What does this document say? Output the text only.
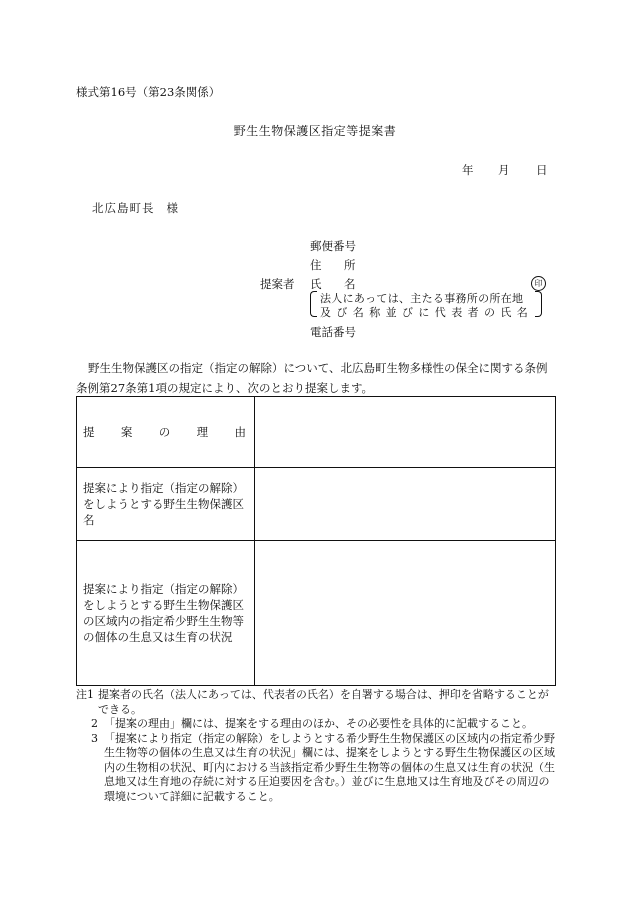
様式第16号（第23条関係）
野生生物保護区指定等提案書
年 月 日
北広島町長 様
郵便番号
住 所
提案者 氏 名	印
法人にあっては、主たる事務所の所在地
及び名称並びに代表者の氏名
電話番号
野生生物保護区の指定（指定の解除）について、北広島町生物多様性の保全に関する条例
条例第27条第1項の規定により、次のとおり提案します。
提 案 の 理 由	

提案により指定（指定の解除）をしようとする野生生物保護区名	
提案により指定（指定の解除）をしようとする野生生物保護区の区域内の指定希少野生生物等の個体の生息又は生育の状況	
注1 提案者の氏名（法人にあっては、代表者の氏名）を自署する場合は、押印を省略することができる。
2 「提案の理由」欄には、提案をする理由のほか、その必要性を具体的に記載すること。
3 「提案により指定（指定の解除）をしようとする希少野生生物保護区の区域内の指定希少野生生物等の個体の生息又は生育の状況」欄には、提案をしようとする野生生物保護区の区域内の生物相の状況、町内における当該指定希少野生生物等の個体の生息又は生育の状況（生息地又は生育地の存続に対する圧迫要因を含む。）並びに生息地又は生育地及びその周辺の環境について詳細に記載すること。
